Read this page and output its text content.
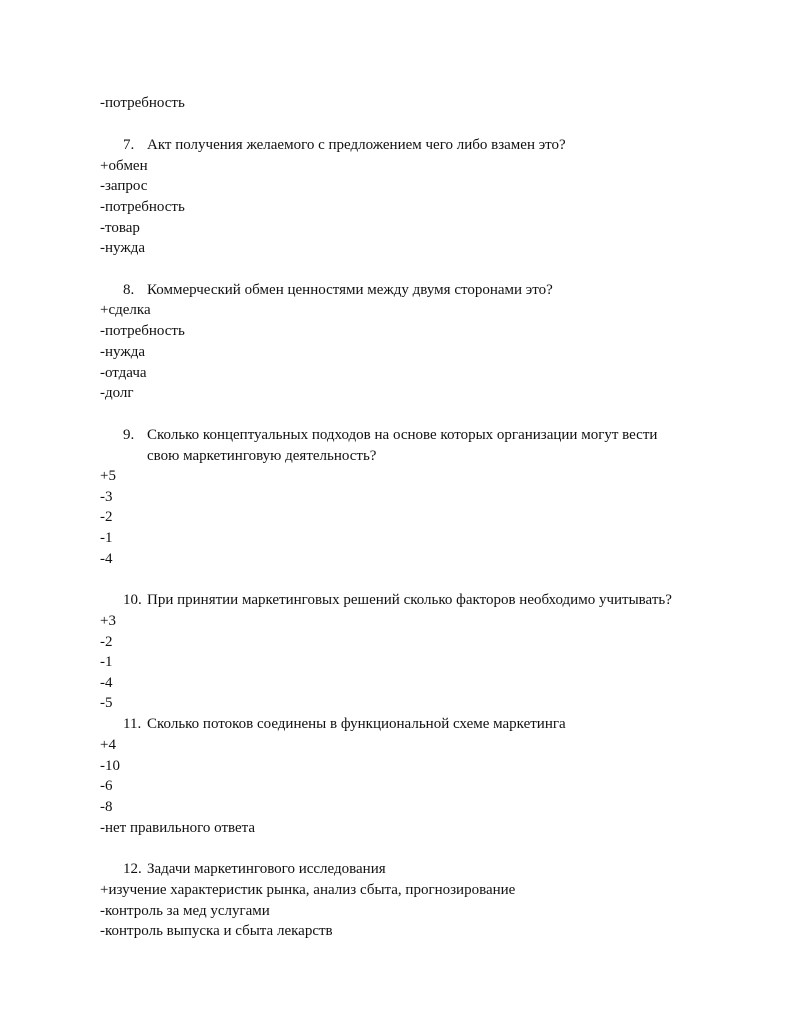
-потребность
7. Акт получения желаемого с предложением чего либо взамен это?
+обмен
-запрос
-потребность
-товар
-нужда
8. Коммерческий обмен ценностями между двумя сторонами это?
+сделка
-потребность
-нужда
-отдача
-долг
9. Сколько концептуальных подходов на основе которых организации могут вести
свою маркетинговую деятельность?
+5
-3
-2
-1
-4
10. При принятии маркетинговых решений сколько факторов необходимо учитывать?
+3
-2
-1
-4
-5
11. Сколько потоков соединены в функциональной схеме маркетинга
+4
-10
-6
-8
-нет правильного ответа
12. Задачи маркетингового исследования
+изучение характеристик рынка, анализ сбыта, прогнозирование
-контроль за мед услугами
-контроль выпуска и сбыта лекарств
